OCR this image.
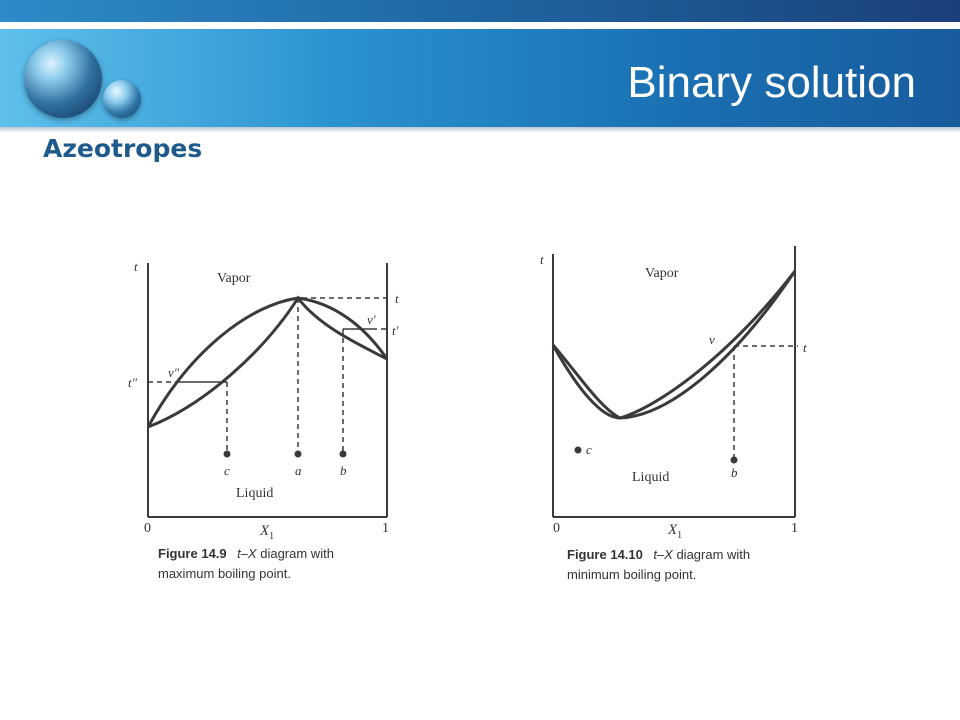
Binary solution
Azeotropes
t
Vapor
Liquid
t
t′
t″
v′
v″
c	a	b
0	1
$X_1$
Figure 14.9 t–X diagram with
maximum boiling point.
t
Vapor
Liquid
t
v
c
b
0	1
$X_1$
Figure 14.10 t–X diagram with
minimum boiling point.
